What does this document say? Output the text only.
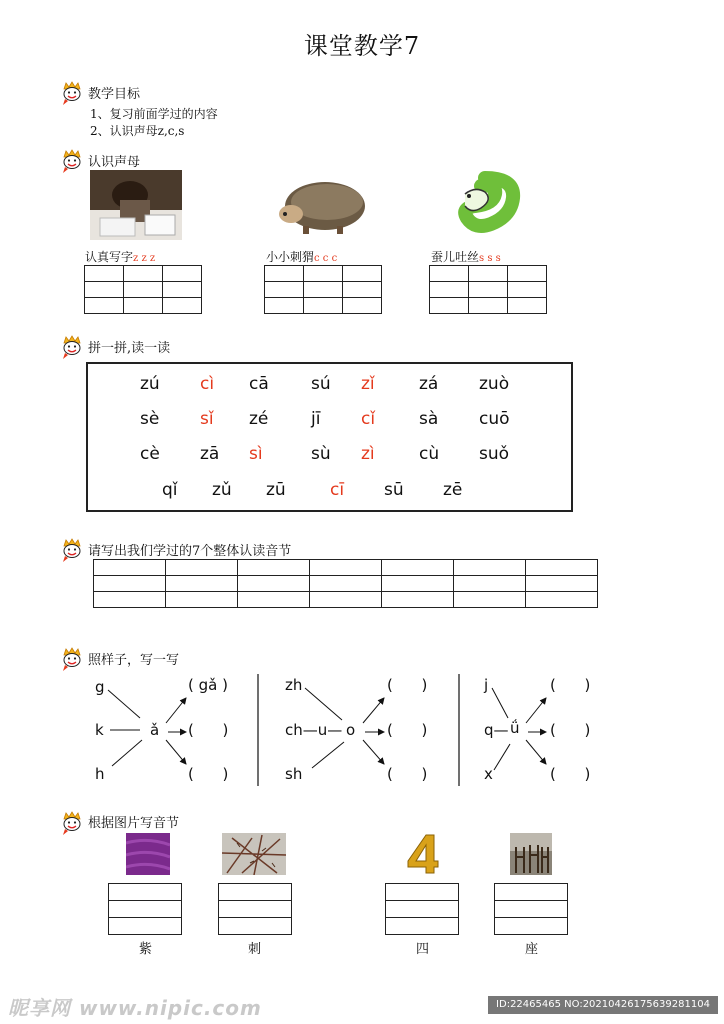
课堂教学7
教学目标
1、复习前面学过的内容
2、认识声母z,c,s
认识声母
认真写字z z z	小小刺猬c c c	蚕儿吐丝s s s

拼一拼,读一读
zú cì cā sú zǐ	zá zuò
sè sǐ zé	jī cǐ	sà cuō
cè zā sì	sù zì	cù suǒ
qǐ zǔ zū	cī sū zē
请写出我们学过的7个整体认读音节

照样子，写一写
g
k
h
ǎ
( gǎ )
(      )
(      )
zh
ch—u—
sh
o
(      )
(      )
(      )
j
q—
x
ǘ
(      )
(      )
(      )
根据图片写音节
紫	刺	四	座
昵享网 www.nipic.com	ID:22465465 NO:20210426175639281104
